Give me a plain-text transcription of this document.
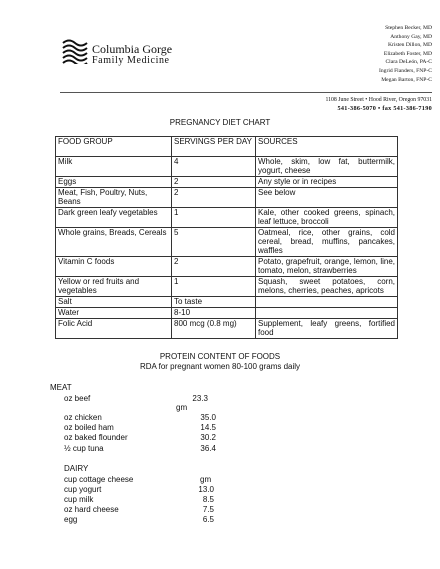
Columbia Gorge
Family Medicine
Stephen Becker, MD
Anthony Gay, MD
Kristen Dillon, MD
Elizabeth Foster, MD
Clara DeLeón, PA-C
Ingrid Flanders, FNP-C
Megan Barton, FNP-C
1108 June Street • Hood River, Oregon 97031
541-386-5070 • fax 541-386-7190
PREGNANCY DIET CHART
FOOD GROUP	SERVINGS PER DAY	SOURCES
Milk	4	Whole, skim, low fat, buttermilk, yogurt, cheese
Eggs	2	Any style or in recipes
Meat, Fish, Poultry, Nuts, Beans	2	See below
Dark green leafy vegetables	1	Kale, other cooked greens, spinach, leaf lettuce, broccoli
Whole grains, Breads, Cereals	5	Oatmeal, rice, other grains, cold cereal, bread, muffins, pancakes, waffles
Vitamin C foods	2	Potato, grapefruit, orange, lemon, line, tomato, melon, strawberries
Yellow or red fruits and vegetables	1	Squash, sweet potatoes, corn, melons, cherries, peaches, apricots
Salt	To taste	
Water	8-10	
Folic Acid	800 mcg (0.8 mg)	Supplement, leafy greens, fortified food
PROTEIN CONTENT OF FOODS
RDA for pregnant women 80-100 grams daily
MEAT
oz beef	23.3
gm
oz chicken	35.0
oz boiled ham	14.5
oz baked flounder	30.2
½ cup tuna	36.4
DAIRY
cup cottage cheese	gm
cup yogurt	13.0
cup milk	8.5
oz hard cheese	7.5
egg	6.5
